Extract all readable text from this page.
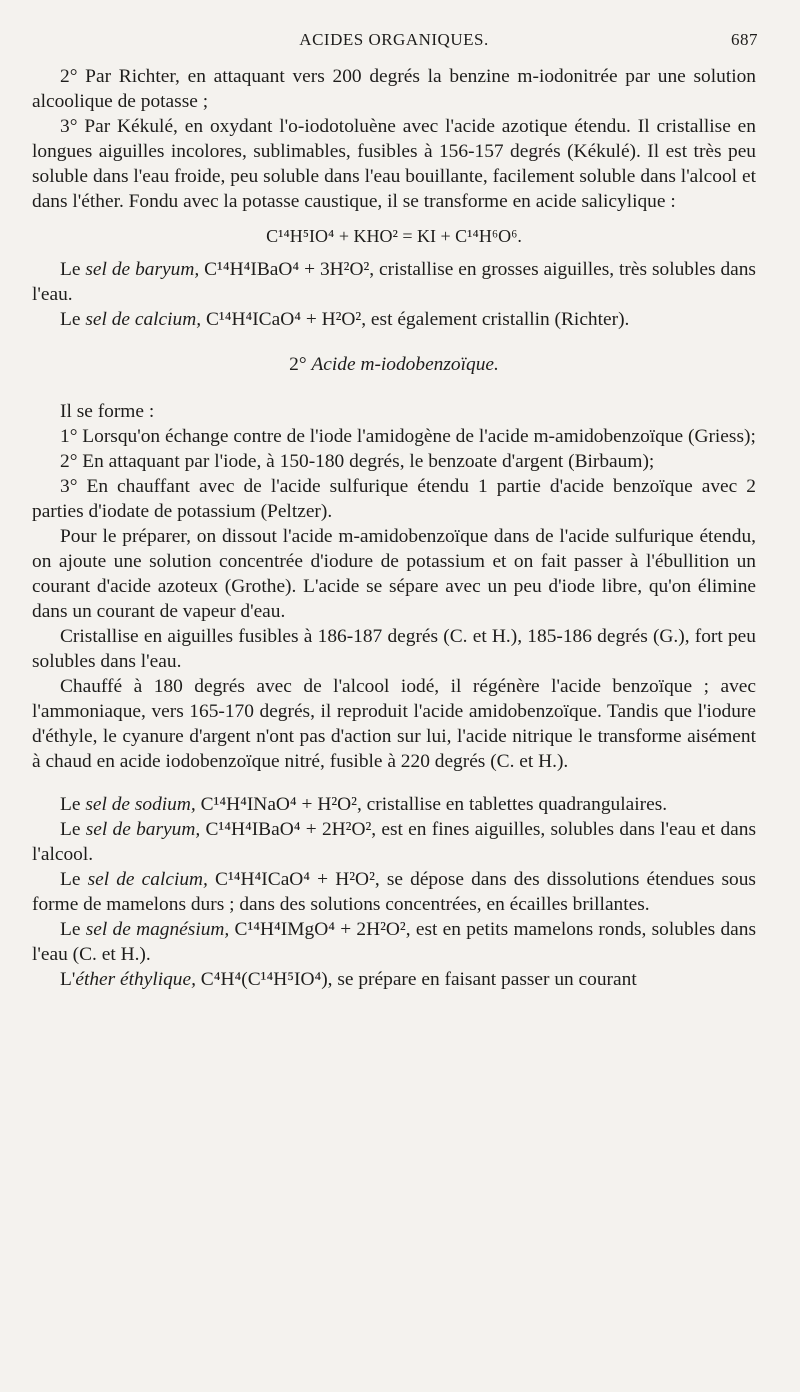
ACIDES ORGANIQUES.	687

2° Par Richter, en attaquant vers 200 degrés la benzine m-iodonitrée par une solution alcoolique de potasse ;

3° Par Kékulé, en oxydant l'o-iodotoluène avec l'acide azotique étendu. Il cristallise en longues aiguilles incolores, sublimables, fusibles à 156-157 degrés (Kékulé). Il est très peu soluble dans l'eau froide, peu soluble dans l'eau bouillante, facilement soluble dans l'alcool et dans l'éther. Fondu avec la potasse caustique, il se transforme en acide salicylique :

C¹⁴H⁵IO⁴ + KHO² = KI + C¹⁴H⁶O⁶.

Le sel de baryum, C¹⁴H⁴IBaO⁴ + 3H²O², cristallise en grosses aiguilles, très solubles dans l'eau.

Le sel de calcium, C¹⁴H⁴ICaO⁴ + H²O², est également cristallin (Richter).

2° Acide m-iodobenzoïque.

Il se forme :

1° Lorsqu'on échange contre de l'iode l'amidogène de l'acide m-amidobenzoïque (Griess);

2° En attaquant par l'iode, à 150-180 degrés, le benzoate d'argent (Birbaum);

3° En chauffant avec de l'acide sulfurique étendu 1 partie d'acide benzoïque avec 2 parties d'iodate de potassium (Peltzer).

Pour le préparer, on dissout l'acide m-amidobenzoïque dans de l'acide sulfurique étendu, on ajoute une solution concentrée d'iodure de potassium et on fait passer à l'ébullition un courant d'acide azoteux (Grothe). L'acide se sépare avec un peu d'iode libre, qu'on élimine dans un courant de vapeur d'eau.

Cristallise en aiguilles fusibles à 186-187 degrés (C. et H.), 185-186 degrés (G.), fort peu solubles dans l'eau.

Chauffé à 180 degrés avec de l'alcool iodé, il régénère l'acide benzoïque ; avec l'ammoniaque, vers 165-170 degrés, il reproduit l'acide amidobenzoïque. Tandis que l'iodure d'éthyle, le cyanure d'argent n'ont pas d'action sur lui, l'acide nitrique le transforme aisément à chaud en acide iodobenzoïque nitré, fusible à 220 degrés (C. et H.).

Le sel de sodium, C¹⁴H⁴INaO⁴ + H²O², cristallise en tablettes quadrangulaires.

Le sel de baryum, C¹⁴H⁴IBaO⁴ + 2H²O², est en fines aiguilles, solubles dans l'eau et dans l'alcool.

Le sel de calcium, C¹⁴H⁴ICaO⁴ + H²O², se dépose dans des dissolutions étendues sous forme de mamelons durs ; dans des solutions concentrées, en écailles brillantes.

Le sel de magnésium, C¹⁴H⁴IMgO⁴ + 2H²O², est en petits mamelons ronds, solubles dans l'eau (C. et H.).

L'éther éthylique, C⁴H⁴(C¹⁴H⁵IO⁴), se prépare en faisant passer un courant
